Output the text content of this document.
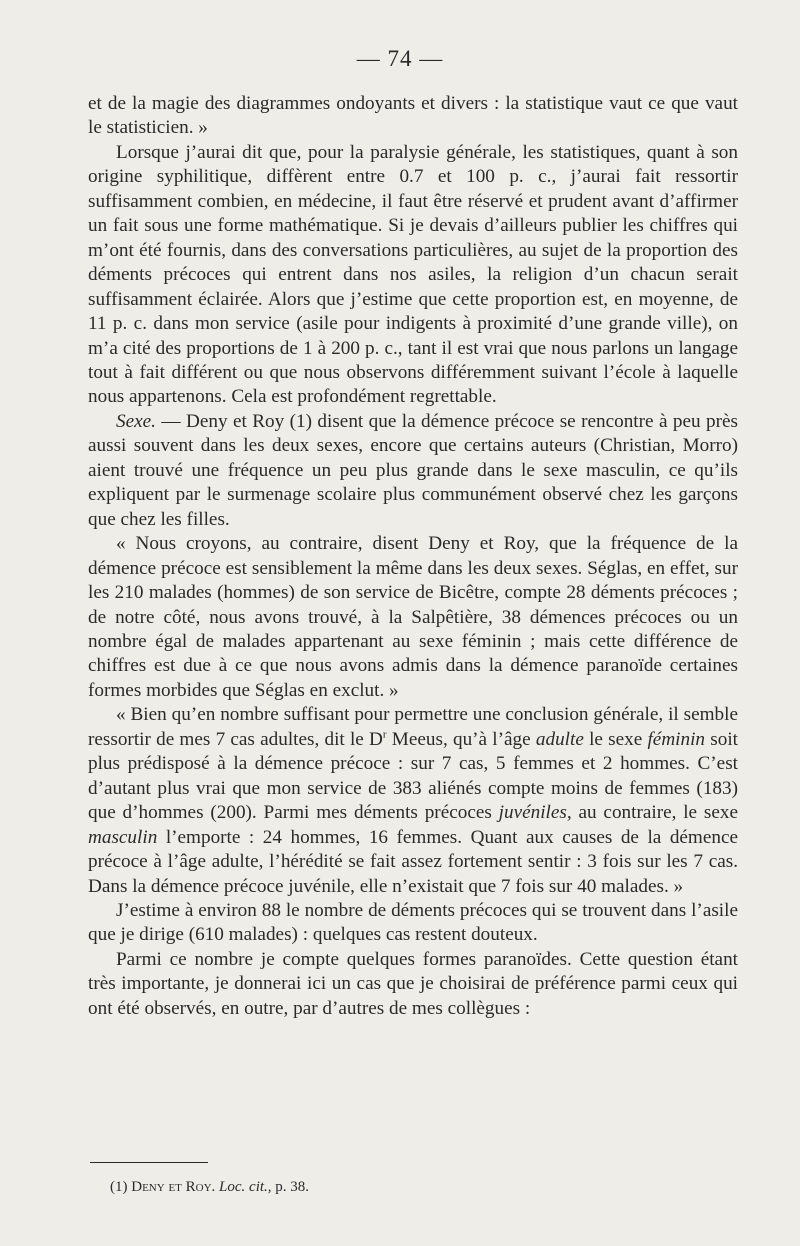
— 74 —

et de la magie des diagrammes ondoyants et divers : la statistique vaut ce que vaut le statisticien. »

Lorsque j’aurai dit que, pour la paralysie générale, les statistiques, quant à son origine syphilitique, diffèrent entre 0.7 et 100 p. c., j’aurai fait ressortir suffisamment combien, en médecine, il faut être réservé et prudent avant d’affirmer un fait sous une forme mathématique. Si je devais d’ailleurs publier les chiffres qui m’ont été fournis, dans des conversations particulières, au sujet de la proportion des déments précoces qui entrent dans nos asiles, la religion d’un chacun serait suffisamment éclairée. Alors que j’estime que cette proportion est, en moyenne, de 11 p. c. dans mon service (asile pour indigents à proximité d’une grande ville), on m’a cité des proportions de 1 à 200 p. c., tant il est vrai que nous parlons un langage tout à fait différent ou que nous observons différemment suivant l’école à laquelle nous appartenons. Cela est profondément regrettable.

Sexe. — Deny et Roy (1) disent que la démence précoce se rencontre à peu près aussi souvent dans les deux sexes, encore que certains auteurs (Christian, Morro) aient trouvé une fréquence un peu plus grande dans le sexe masculin, ce qu’ils expliquent par le surmenage scolaire plus communément observé chez les garçons que chez les filles.

« Nous croyons, au contraire, disent Deny et Roy, que la fréquence de la démence précoce est sensiblement la même dans les deux sexes. Séglas, en effet, sur les 210 malades (hommes) de son service de Bicêtre, compte 28 déments précoces ; de notre côté, nous avons trouvé, à la Salpêtière, 38 démences précoces ou un nombre égal de malades appartenant au sexe féminin ; mais cette différence de chiffres est due à ce que nous avons admis dans la démence paranoïde certaines formes morbides que Séglas en exclut. »

« Bien qu’en nombre suffisant pour permettre une conclusion générale, il semble ressortir de mes 7 cas adultes, dit le $D^r$ Meeus, qu’à l’âge adulte le sexe féminin soit plus prédisposé à la démence précoce : sur 7 cas, 5 femmes et 2 hommes. C’est d’autant plus vrai que mon service de 383 aliénés compte moins de femmes (183) que d’hommes (200). Parmi mes déments précoces juvéniles, au contraire, le sexe masculin l’emporte : 24 hommes, 16 femmes. Quant aux causes de la démence précoce à l’âge adulte, l’hérédité se fait assez fortement sentir : 3 fois sur les 7 cas. Dans la démence précoce juvénile, elle n’existait que 7 fois sur 40 malades. »

J’estime à environ 88 le nombre de déments précoces qui se trouvent dans l’asile que je dirige (610 malades) : quelques cas restent douteux.

Parmi ce nombre je compte quelques formes paranoïdes. Cette question étant très importante, je donnerai ici un cas que je choisirai de préférence parmi ceux qui ont été observés, en outre, par d’autres de mes collègues :

(1) Deny et Roy. Loc. cit., p. 38.
